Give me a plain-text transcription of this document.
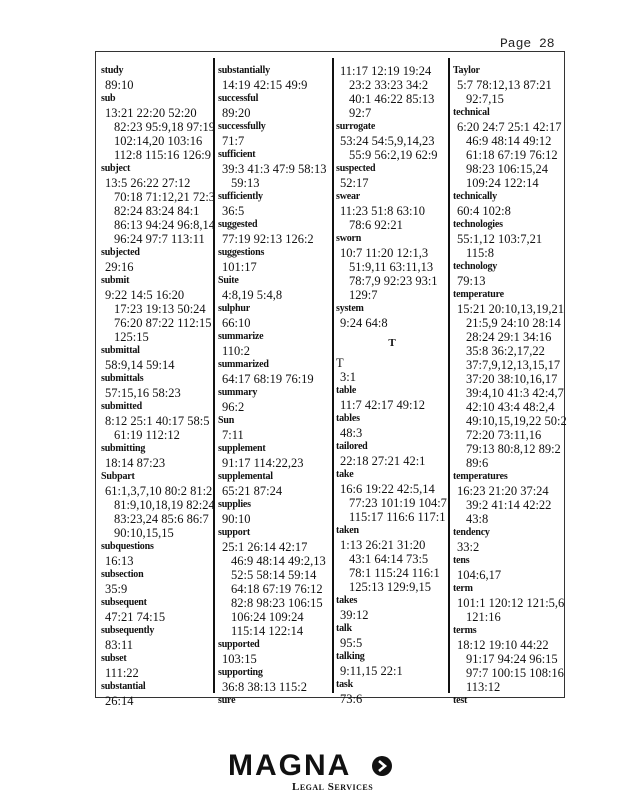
Page 28
study
89:10
sub
13:21 22:20 52:20
82:23 95:9,18 97:19
102:14,20 103:16
112:8 115:16 126:9
subject
13:5 26:22 27:12
70:18 71:12,21 72:3
82:24 83:24 84:1
86:13 94:24 96:8,14
96:24 97:7 113:11
subjected
29:16
submit
9:22 14:5 16:20
17:23 19:13 50:24
76:20 87:22 112:15
125:15
submittal
58:9,14 59:14
submittals
57:15,16 58:23
submitted
8:12 25:1 40:17 58:5
61:19 112:12
submitting
18:14 87:23
Subpart
61:1,3,7,10 80:2 81:2
81:9,10,18,19 82:24
83:23,24 85:6 86:7
90:10,15,15
subquestions
16:13
subsection
35:9
subsequent
47:21 74:15
subsequently
83:11
subset
111:22
substantial
26:14
substantially
14:19 42:15 49:9
successful
89:20
successfully
71:7
sufficient
39:3 41:3 47:9 58:13
59:13
sufficiently
36:5
suggested
77:19 92:13 126:2
suggestions
101:17
Suite
4:8,19 5:4,8
sulphur
66:10
summarize
110:2
summarized
64:17 68:19 76:19
summary
96:2
Sun
7:11
supplement
91:17 114:22,23
supplemental
65:21 87:24
supplies
90:10
support
25:1 26:14 42:17
46:9 48:14 49:2,13
52:5 58:14 59:14
64:18 67:19 76:12
82:8 98:23 106:15
106:24 109:24
115:14 122:14
supported
103:15
supporting
36:8 38:13 115:2
sure
11:17 12:19 19:24
23:2 33:23 34:2
40:1 46:22 85:13
92:7
surrogate
53:24 54:5,9,14,23
55:9 56:2,19 62:9
suspected
52:17
swear
11:23 51:8 63:10
78:6 92:21
sworn
10:7 11:20 12:1,3
51:9,11 63:11,13
78:7,9 92:23 93:1
129:7
system
9:24 64:8
T
T
3:1
table
11:7 42:17 49:12
tables
48:3
tailored
22:18 27:21 42:1
take
16:6 19:22 42:5,14
77:23 101:19 104:7
115:17 116:6 117:1
taken
1:13 26:21 31:20
43:1 64:14 73:5
78:1 115:24 116:1
125:13 129:9,15
takes
39:12
talk
95:5
talking
9:11,15 22:1
task
73:6
Taylor
5:7 78:12,13 87:21
92:7,15
technical
6:20 24:7 25:1 42:17
46:9 48:14 49:12
61:18 67:19 76:12
98:23 106:15,24
109:24 122:14
technically
60:4 102:8
technologies
55:1,12 103:7,21
115:8
technology
79:13
temperature
15:21 20:10,13,19,21
21:5,9 24:10 28:14
28:24 29:1 34:16
35:8 36:2,17,22
37:7,9,12,13,15,17
37:20 38:10,16,17
39:4,10 41:3 42:4,7
42:10 43:4 48:2,4
49:10,15,19,22 50:2
72:20 73:11,16
79:13 80:8,12 89:2
89:6
temperatures
16:23 21:20 37:24
39:2 41:14 42:22
43:8
tendency
33:2
tens
104:6,17
term
101:1 120:12 121:5,6
121:16
terms
18:12 19:10 44:22
91:17 94:24 96:15
97:7 100:15 108:16
113:12
test
MAGNA
Legal Services
